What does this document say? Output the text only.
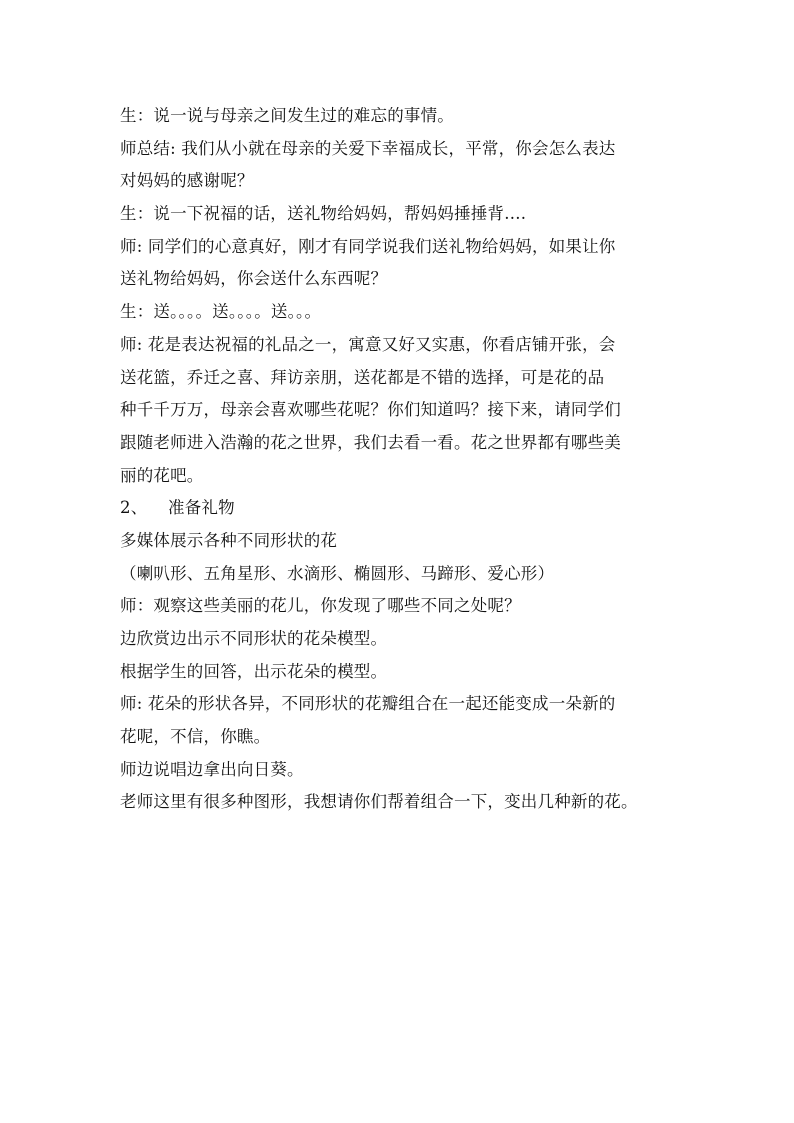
生：说一说与母亲之间发生过的难忘的事情。
师总结: 我们从小就在母亲的关爱下幸福成长，平常，你会怎么表达
对妈妈的感谢呢？
生：说一下祝福的话，送礼物给妈妈，帮妈妈捶捶背….
师: 同学们的心意真好，刚才有同学说我们送礼物给妈妈，如果让你
送礼物给妈妈，你会送什么东西呢？
生：送。。。。送。。。。送。。。
师: 花是表达祝福的礼品之一，寓意又好又实惠，你看店铺开张，会
送花篮，乔迁之喜、拜访亲朋，送花都是不错的选择，可是花的品
种千千万万，母亲会喜欢哪些花呢？你们知道吗？接下来，请同学们
跟随老师进入浩瀚的花之世界，我们去看一看。花之世界都有哪些美
丽的花吧。
2、 准备礼物
多媒体展示各种不同形状的花
（喇叭形、五角星形、水滴形、椭圆形、马蹄形、爱心形）
师：观察这些美丽的花儿，你发现了哪些不同之处呢？
边欣赏边出示不同形状的花朵模型。
根据学生的回答，出示花朵的模型。
师: 花朵的形状各异，不同形状的花瓣组合在一起还能变成一朵新的
花呢，不信，你瞧。
师边说唱边拿出向日葵。
老师这里有很多种图形，我想请你们帮着组合一下，变出几种新的花。
